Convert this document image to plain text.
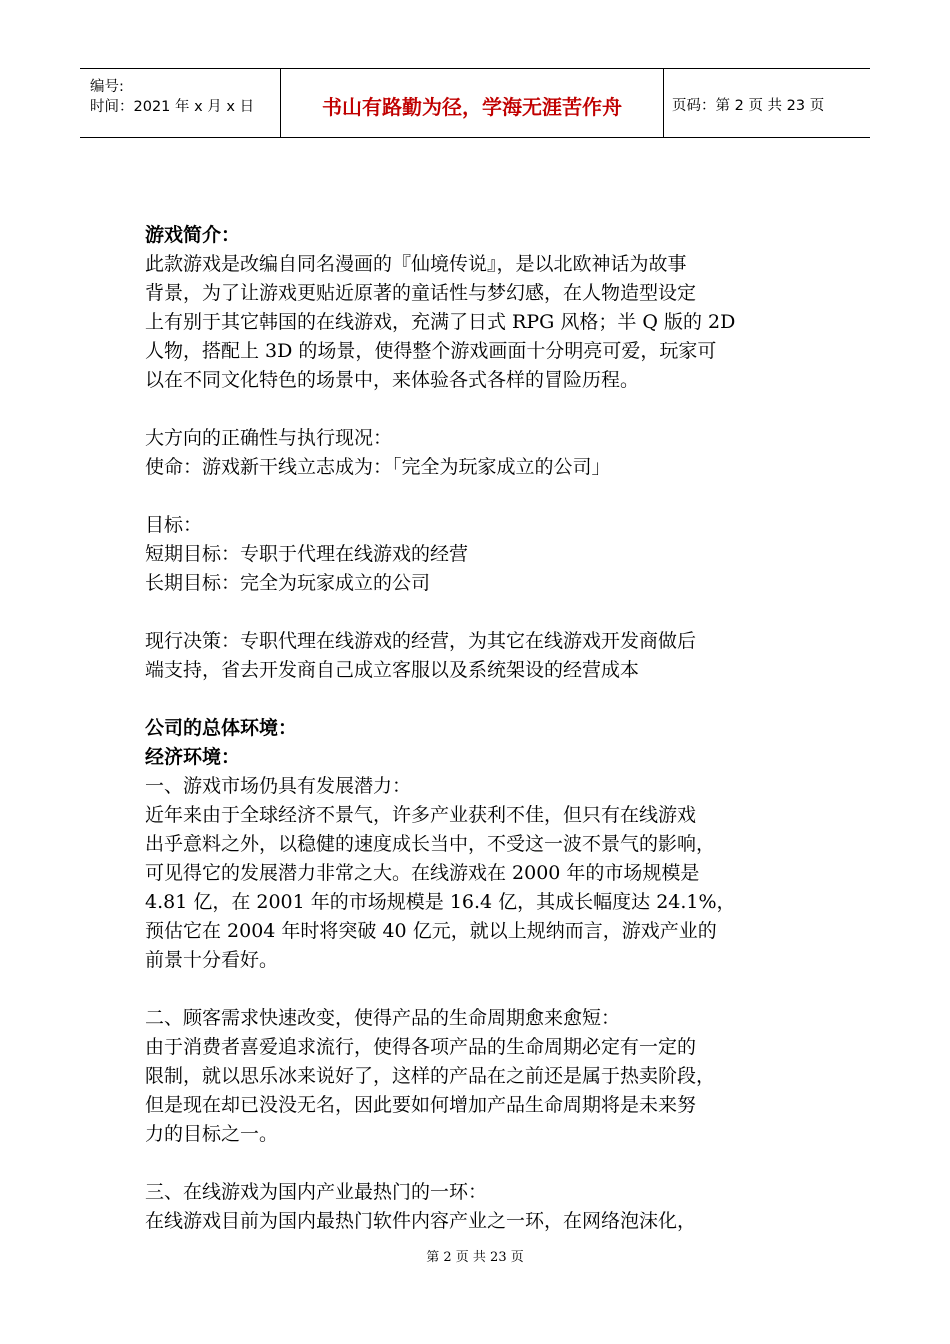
编号:
时间：2021 年 x 月 x 日	书山有路勤为径，学海无涯苦作舟	页码：第 2 页 共 23 页
游戏简介：
此款游戏是改编自同名漫画的『仙境传说』，是以北欧神话为故事
背景，为了让游戏更贴近原著的童话性与梦幻感，在人物造型设定
上有别于其它韩国的在线游戏，充满了日式 RPG 风格；半 Q 版的 2D
人物，搭配上 3D 的场景，使得整个游戏画面十分明亮可爱，玩家可
以在不同文化特色的场景中，来体验各式各样的冒险历程。
大方向的正确性与执行现况：
使命：游戏新干线立志成为：「完全为玩家成立的公司」
目标：
短期目标：专职于代理在线游戏的经营
长期目标：完全为玩家成立的公司
现行决策：专职代理在线游戏的经营，为其它在线游戏开发商做后
端支持，省去开发商自己成立客服以及系统架设的经营成本
公司的总体环境：
经济环境：
一、游戏市场仍具有发展潜力：
近年来由于全球经济不景气，许多产业获利不佳，但只有在线游戏
出乎意料之外，以稳健的速度成长当中，不受这一波不景气的影响，
可见得它的发展潜力非常之大。在线游戏在 2000 年的市场规模是
4.81 亿，在 2001 年的市场规模是 16.4 亿，其成长幅度达 24.1%，
预估它在 2004 年时将突破 40 亿元，就以上规纳而言，游戏产业的
前景十分看好。
二、顾客需求快速改变，使得产品的生命周期愈来愈短：
由于消费者喜爱追求流行，使得各项产品的生命周期必定有一定的
限制，就以思乐冰来说好了，这样的产品在之前还是属于热卖阶段，
但是现在却已没没无名，因此要如何增加产品生命周期将是未来努
力的目标之一。
三、在线游戏为国内产业最热门的一环：
在线游戏目前为国内最热门软件内容产业之一环，在网络泡沫化，
第 2 页 共 23 页
